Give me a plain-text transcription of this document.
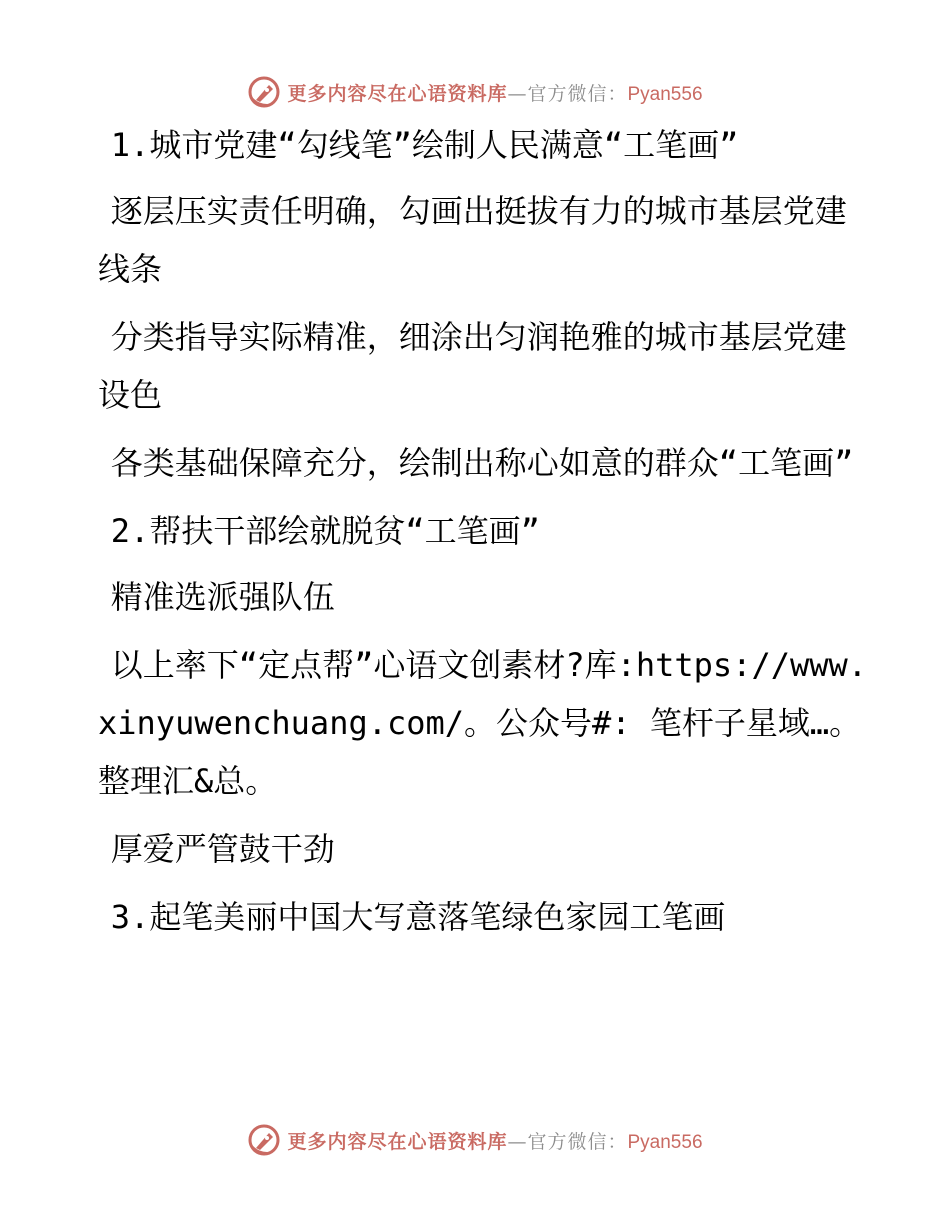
更多内容尽在心语资料库—官方微信：Pyan556

1.城市党建“勾线笔”绘制人民满意“工笔画”

逐层压实责任明确，勾画出挺拔有力的城市基层党建线条

分类指导实际精准，细涂出匀润艳雅的城市基层党建设色

各类基础保障充分，绘制出称心如意的群众“工笔画”

2.帮扶干部绘就脱贫“工笔画”

精准选派强队伍

以上率下“定点帮”心语文创素材?库:https://www.xinyuwenchuang.com/。公众号#: 笔杆子星域…。整理汇&总。

厚爱严管鼓干劲

3.起笔美丽中国大写意落笔绿色家园工笔画

更多内容尽在心语资料库—官方微信：Pyan556
